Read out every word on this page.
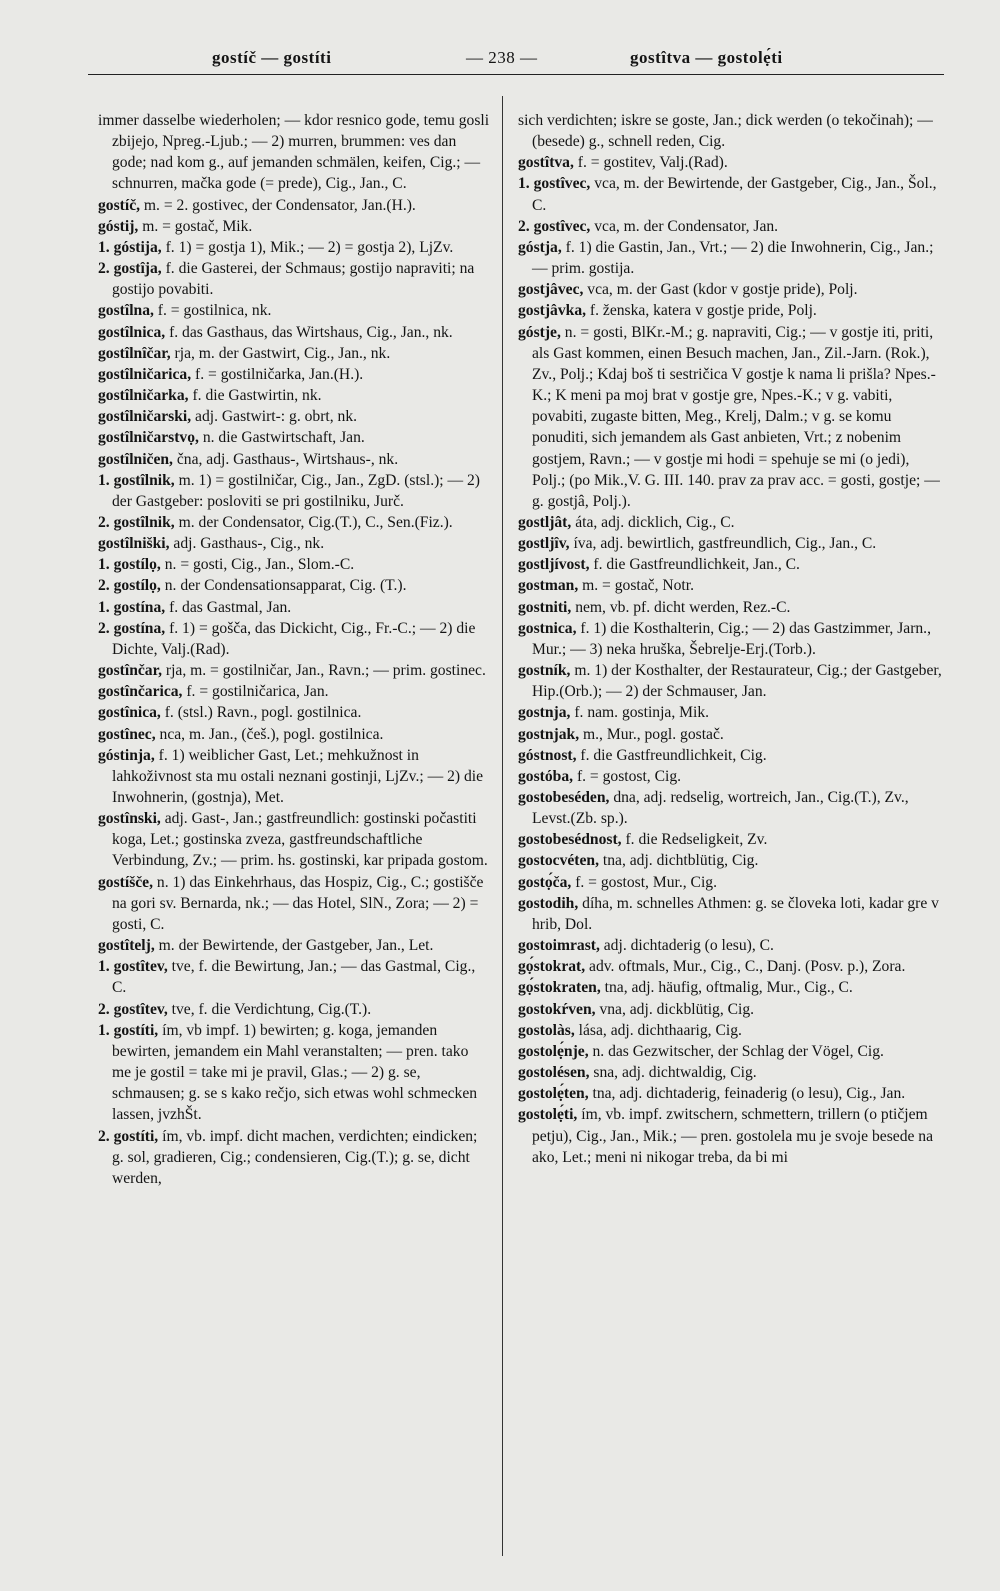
gostíč — gostíti	— 238 —	gostîtva — gostolẹ́ti
immer dasselbe wiederholen; — kdor resnico gode, temu gosli zbijejo, Npreg.-Ljub.; — 2) murren, brummen: ves dan gode; nad kom g., auf jemanden schmälen, keifen, Cig.; — schnurren, mačka gode (= prede), Cig., Jan., C.
gostíč, m. = 2. gostivec, der Condensator, Jan.(H.).
góstij, m. = gostač, Mik.
1. góstija, f. 1) = gostja 1), Mik.; — 2) = gostja 2), LjZv.
2. gostîja, f. die Gasterei, der Schmaus; gostijo napraviti; na gostijo povabiti.
gostîlna, f. = gostilnica, nk.
gostîlnica, f. das Gasthaus, das Wirtshaus, Cig., Jan., nk.
gostîlnîčar, rja, m. der Gastwirt, Cig., Jan., nk.
gostîlničarica, f. = gostilničarka, Jan.(H.).
gostîlničarka, f. die Gastwirtin, nk.
gostîlničarski, adj. Gastwirt-: g. obrt, nk.
gostîlničarstvọ, n. die Gastwirtschaft, Jan.
gostîlničen, čna, adj. Gasthaus-, Wirtshaus-, nk.
1. gostîlnik, m. 1) = gostilničar, Cig., Jan., ZgD. (stsl.); — 2) der Gastgeber: posloviti se pri gostilniku, Jurč.
2. gostîlnik, m. der Condensator, Cig.(T.), C., Sen.(Fiz.).
gostîlniški, adj. Gasthaus-, Cig., nk.
1. gostílọ, n. = gosti, Cig., Jan., Slom.-C.
2. gostílọ, n. der Condensationsapparat, Cig. (T.).
1. gostína, f. das Gastmal, Jan.
2. gostína, f. 1) = gošča, das Dickicht, Cig., Fr.-C.; — 2) die Dichte, Valj.(Rad).
gostînčar, rja, m. = gostilničar, Jan., Ravn.; — prim. gostinec.
gostînčarica, f. = gostilničarica, Jan.
gostînica, f. (stsl.) Ravn., pogl. gostilnica.
gostînec, nca, m. Jan., (češ.), pogl. gostilnica.
góstinja, f. 1) weiblicher Gast, Let.; mehkužnost in lahkoživnost sta mu ostali neznani gostinji, LjZv.; — 2) die Inwohnerin, (gostnja), Met.
gostînski, adj. Gast-, Jan.; gastfreundlich: gostinski počastiti koga, Let.; gostinska zveza, gastfreundschaftliche Verbindung, Zv.; — prim. hs. gostinski, kar pripada gostom.
gostíšče, n. 1) das Einkehrhaus, das Hospiz, Cig., C.; gostišče na gori sv. Bernarda, nk.; — das Hotel, SlN., Zora; — 2) = gosti, C.
gostîtelj, m. der Bewirtende, der Gastgeber, Jan., Let.
1. gostîtev, tve, f. die Bewirtung, Jan.; — das Gastmal, Cig., C.
2. gostîtev, tve, f. die Verdichtung, Cig.(T.).
1. gostíti, ím, vb impf. 1) bewirten; g. koga, jemanden bewirten, jemandem ein Mahl veranstalten; — pren. tako me je gostil = take mi je pravil, Glas.; — 2) g. se, schmausen; g. se s kako rečjo, sich etwas wohl schmecken lassen, jvzhŠt.
2. gostíti, ím, vb. impf. dicht machen, verdichten; eindicken; g. sol, gradieren, Cig.; condensieren, Cig.(T.); g. se, dicht werden,
sich verdichten; iskre se goste, Jan.; dick werden (o tekočinah); — (besede) g., schnell reden, Cig.
gostîtva, f. = gostitev, Valj.(Rad).
1. gostîvec, vca, m. der Bewirtende, der Gastgeber, Cig., Jan., Šol., C.
2. gostîvec, vca, m. der Condensator, Jan.
góstja, f. 1) die Gastin, Jan., Vrt.; — 2) die Inwohnerin, Cig., Jan.; — prim. gostija.
gostjâvec, vca, m. der Gast (kdor v gostje pride), Polj.
gostjâvka, f. ženska, katera v gostje pride, Polj.
góstje, n. = gosti, BlKr.-M.; g. napraviti, Cig.; — v gostje iti, priti, als Gast kommen, einen Besuch machen, Jan., Zil.-Jarn. (Rok.), Zv., Polj.; Kdaj boš ti sestričica V gostje k nama li prišla? Npes.-K.; K meni pa moj brat v gostje gre, Npes.-K.; v g. vabiti, povabiti, zugaste bitten, Meg., Krelj, Dalm.; v g. se komu ponuditi, sich jemandem als Gast anbieten, Vrt.; z nobenim gostjem, Ravn.; — v gostje mi hodi = spehuje se mi (o jedi), Polj.; (po Mik.,V. G. III. 140. prav za prav acc. = gosti, gostje; — g. gostjâ, Polj.).
gostljât, áta, adj. dicklich, Cig., C.
gostljîv, íva, adj. bewirtlich, gastfreundlich, Cig., Jan., C.
gostljívost, f. die Gastfreundlichkeit, Jan., C.
gostman, m. = gostač, Notr.
gostniti, nem, vb. pf. dicht werden, Rez.-C.
gostnica, f. 1) die Kosthalterin, Cig.; — 2) das Gastzimmer, Jarn., Mur.; — 3) neka hruška, Šebrelje-Erj.(Torb.).
gostník, m. 1) der Kosthalter, der Restaurateur, Cig.; der Gastgeber, Hip.(Orb.); — 2) der Schmauser, Jan.
gostnja, f. nam. gostinja, Mik.
gostnjak, m., Mur., pogl. gostač.
góstnost, f. die Gastfreundlichkeit, Cig.
gostóba, f. = gostost, Cig.
gostobeséden, dna, adj. redselig, wortreich, Jan., Cig.(T.), Zv., Levst.(Zb. sp.).
gostobesédnost, f. die Redseligkeit, Zv.
gostocvéten, tna, adj. dichtblütig, Cig.
gostọ́ča, f. = gostost, Mur., Cig.
gostodih, díha, m. schnelles Athmen: g. se človeka loti, kadar gre v hrib, Dol.
gostoimrast, adj. dichtaderig (o lesu), C.
gọ́stokrat, adv. oftmals, Mur., Cig., C., Danj. (Posv. p.), Zora.
gọ́stokraten, tna, adj. häufig, oftmalig, Mur., Cig., C.
gostokŕven, vna, adj. dickblütig, Cig.
gostolàs, lása, adj. dichthaarig, Cig.
gostolẹ́nje, n. das Gezwitscher, der Schlag der Vögel, Cig.
gostolésen, sna, adj. dichtwaldig, Cig.
gostolẹ́ten, tna, adj. dichtaderig, feinaderig (o lesu), Cig., Jan.
gostolẹ́ti, ím, vb. impf. zwitschern, schmettern, trillern (o ptičjem petju), Cig., Jan., Mik.; — pren. gostolela mu je svoje besede na ako, Let.; meni ni nikogar treba, da bi mi
